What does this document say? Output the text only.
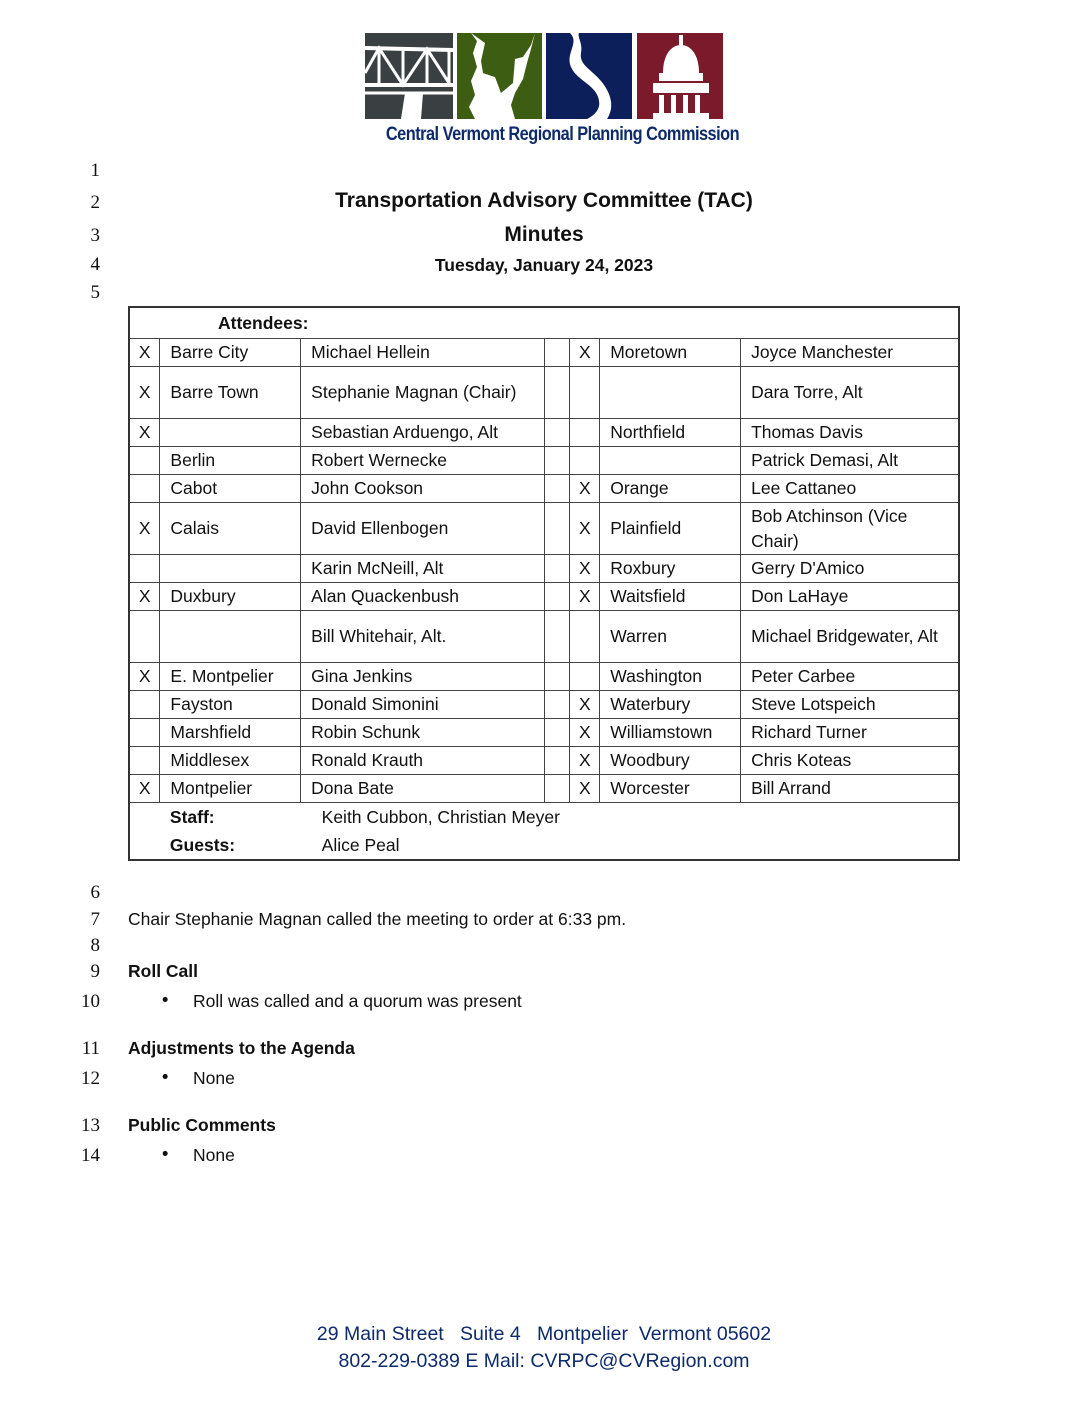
Central Vermont Regional Planning Commission
1
2
3
4
5
6
7
8
9
10
11
12
13
14
Transportation Advisory Committee (TAC)
Minutes
Tuesday, January 24, 2023
Attendees:						
X	Barre City	Michael Hellein		X	Moretown	Joyce Manchester
X	Barre Town	Stephanie Magnan (Chair)				Dara Torre, Alt
X		Sebastian Arduengo, Alt			Northfield	Thomas Davis
	Berlin	Robert Wernecke				Patrick Demasi, Alt
	Cabot	John Cookson		X	Orange	Lee Cattaneo
X	Calais	David Ellenbogen		X	Plainfield	Bob Atchinson (Vice Chair)
		Karin McNeill, Alt		X	Roxbury	Gerry D'Amico
X	Duxbury	Alan Quackenbush		X	Waitsfield	Don LaHaye
		Bill Whitehair, Alt.			Warren	Michael Bridgewater, Alt
X	E. Montpelier	Gina Jenkins			Washington	Peter Carbee
	Fayston	Donald Simonini		X	Waterbury	Steve Lotspeich
	Marshfield	Robin Schunk		X	Williamstown	Richard Turner
	Middlesex	Ronald Krauth		X	Woodbury	Chris Koteas
X	Montpelier	Dona Bate		X	Worcester	Bill Arrand
	Staff:	Keith Cubbon, Christian Meyer				
	Guests:	Alice Peal				
Chair Stephanie Magnan called the meeting to order at 6:33 pm.
Roll Call
• Roll was called and a quorum was present
Adjustments to the Agenda
• None
Public Comments
• None
29 Main Street   Suite 4   Montpelier  Vermont 05602
802-229-0389 E Mail: CVRPC@CVRegion.com
